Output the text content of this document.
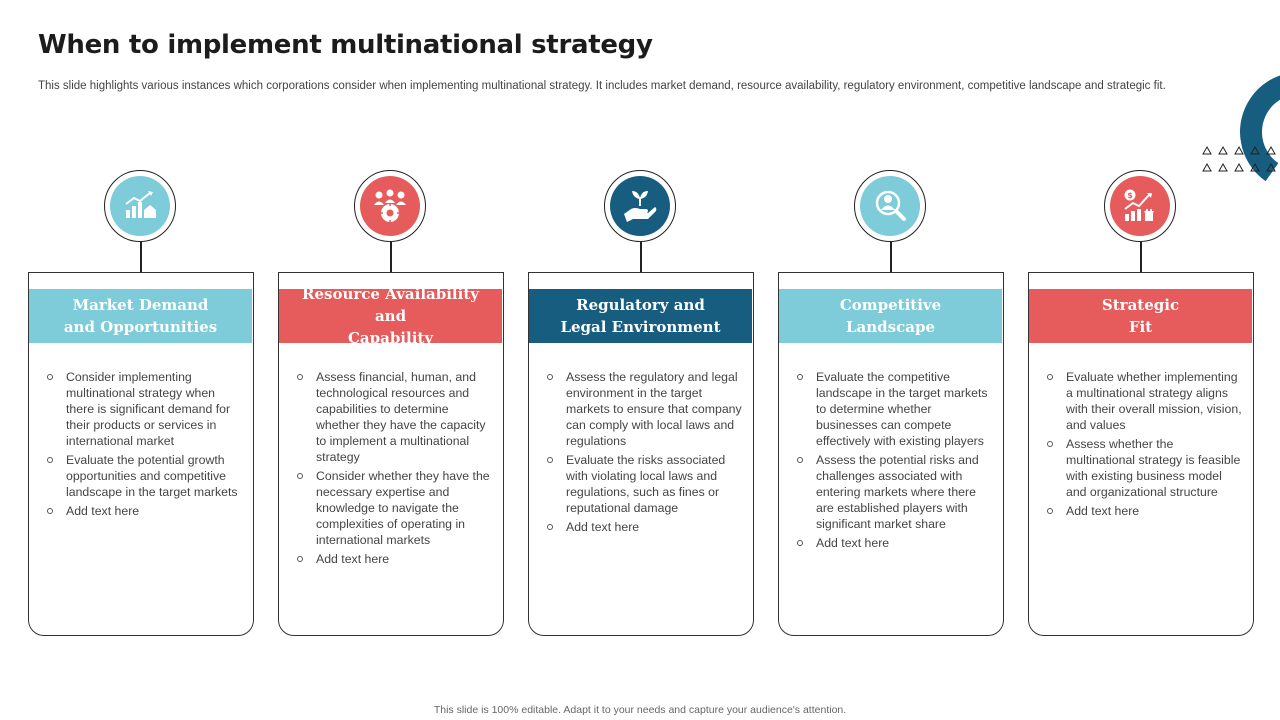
When to implement multinational strategy
This slide highlights various instances which corporations consider when implementing multinational strategy. It includes market demand, resource availability, regulatory environment, competitive landscape and strategic fit.
Market Demand
and Opportunities
Consider implementing multinational strategy when there is significant demand for their products or services in international market
Evaluate the potential growth opportunities and competitive landscape in the target markets
Add text here
Resource Availability and
Capability
Assess financial, human, and technological resources and capabilities to determine whether they have the capacity to implement a multinational strategy
Consider whether they have the necessary expertise and knowledge to navigate the complexities of operating in international markets
Add text here
Regulatory and
Legal Environment
Assess the regulatory and legal environment in the target markets to ensure that company can comply with local laws and regulations
Evaluate the risks associated with violating local laws and regulations, such as fines or reputational damage
Add text here
Competitive
Landscape
Evaluate the competitive landscape in the target markets to determine whether businesses can compete effectively with existing players
Assess the potential risks and challenges associated with entering markets where there are established players with significant market share
Add text here
$
Strategic
Fit
Evaluate whether implementing a multinational strategy aligns with their overall mission, vision, and values
Assess whether the multinational strategy is feasible with existing business model and organizational structure
Add text here
This slide is 100% editable. Adapt it to your needs and capture your audience's attention.
